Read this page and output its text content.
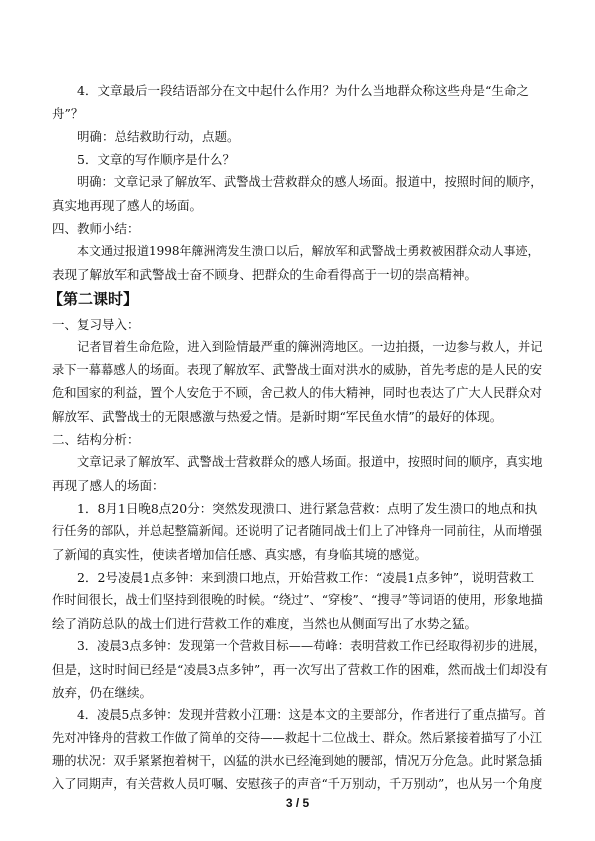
4．文章最后一段结语部分在文中起什么作用？为什么当地群众称这些舟是“生命之
舟”？
明确：总结救助行动，点题。
5．文章的写作顺序是什么？
明确：文章记录了解放军、武警战士营救群众的感人场面。报道中，按照时间的顺序，
真实地再现了感人的场面。
四、教师小结：
本文通过报道1998年簰洲湾发生溃口以后，解放军和武警战士勇救被困群众动人事迹，
表现了解放军和武警战士奋不顾身、把群众的生命看得高于一切的崇高精神。
【第二课时】
一、复习导入：
记者冒着生命危险，进入到险情最严重的簰洲湾地区。一边拍摄，一边参与救人，并记
录下一幕幕感人的场面。表现了解放军、武警战士面对洪水的威胁，首先考虑的是人民的安
危和国家的利益，置个人安危于不顾，舍己救人的伟大精神，同时也表达了广大人民群众对
解放军、武警战士的无限感激与热爱之情。是新时期“军民鱼水情”的最好的体现。
二、结构分析：
文章记录了解放军、武警战士营救群众的感人场面。报道中，按照时间的顺序，真实地
再现了感人的场面：
1．8月1日晚8点20分：突然发现溃口、进行紧急营救：点明了发生溃口的地点和执
行任务的部队，并总起整篇新闻。还说明了记者随同战士们上了冲锋舟一同前往，从而增强
了新闻的真实性，使读者增加信任感、真实感，有身临其境的感觉。
2．2号凌晨1点多钟：来到溃口地点，开始营救工作：“凌晨1点多钟”，说明营救工
作时间很长，战士们坚持到很晚的时候。“绕过”、“穿梭”、“搜寻”等词语的使用，形象地描
绘了消防总队的战士们进行营救工作的难度，当然也从侧面写出了水势之猛。
3．凌晨3点多钟：发现第一个营救目标——苟峰：表明营救工作已经取得初步的进展，
但是，这时时间已经是“凌晨3点多钟”，再一次写出了营救工作的困难，然而战士们却没有
放弃，仍在继续。
4．凌晨5点多钟：发现并营救小江珊：这是本文的主要部分，作者进行了重点描写。首
先对冲锋舟的营救工作做了简单的交待——救起十二位战士、群众。然后紧接着描写了小江
珊的状况：双手紧紧抱着树干，凶猛的洪水已经淹到她的腰部，情况万分危急。此时紧急插
入了同期声，有关营救人员叮嘱、安慰孩子的声音“千万别动，千万别动”，也从另一个角度
3 / 5
